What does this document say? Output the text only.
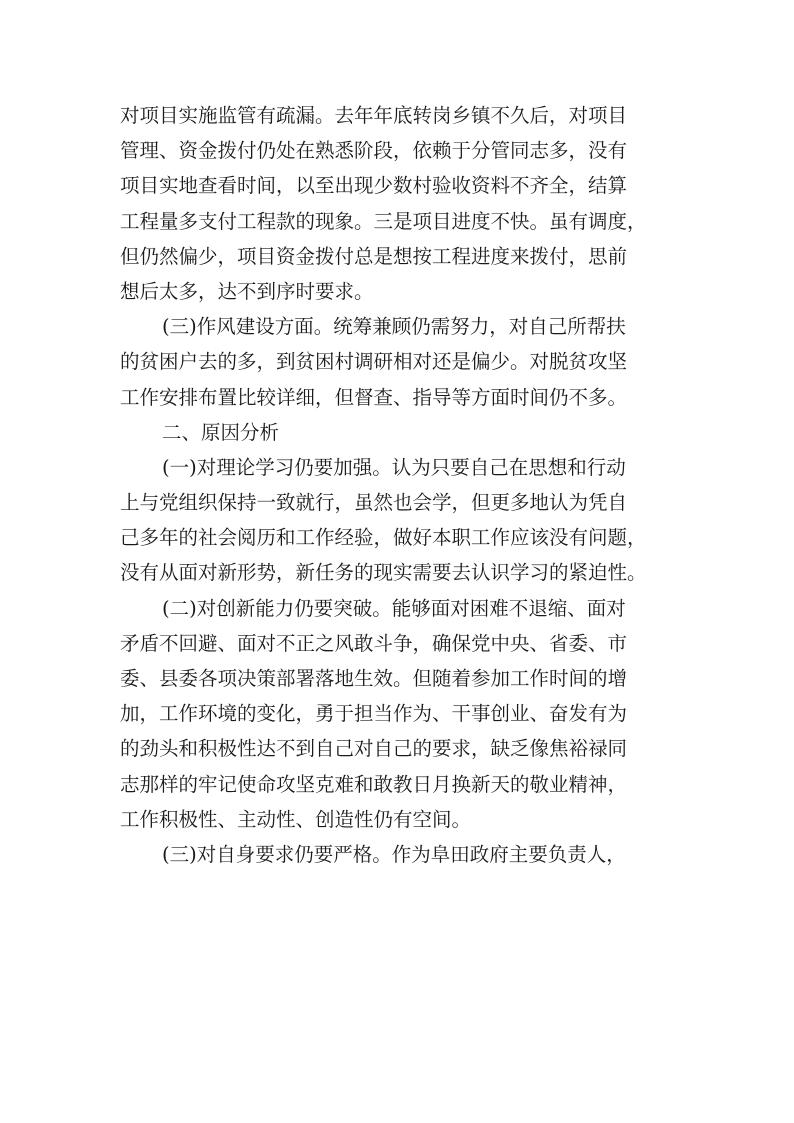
对项目实施监管有疏漏。去年年底转岗乡镇不久后，对项目
管理、资金拨付仍处在熟悉阶段，依赖于分管同志多，没有
项目实地查看时间，以至出现少数村验收资料不齐全，结算
工程量多支付工程款的现象。三是项目进度不快。虽有调度，
但仍然偏少，项目资金拨付总是想按工程进度来拨付，思前
想后太多，达不到序时要求。
(三)作风建设方面。统筹兼顾仍需努力，对自己所帮扶
的贫困户去的多，到贫困村调研相对还是偏少。对脱贫攻坚
工作安排布置比较详细，但督查、指导等方面时间仍不多。
二、原因分析
(一)对理论学习仍要加强。认为只要自己在思想和行动
上与党组织保持一致就行，虽然也会学，但更多地认为凭自
己多年的社会阅历和工作经验，做好本职工作应该没有问题，
没有从面对新形势，新任务的现实需要去认识学习的紧迫性。
(二)对创新能力仍要突破。能够面对困难不退缩、面对
矛盾不回避、面对不正之风敢斗争，确保党中央、省委、市
委、县委各项决策部署落地生效。但随着参加工作时间的增
加，工作环境的变化，勇于担当作为、干事创业、奋发有为
的劲头和积极性达不到自己对自己的要求，缺乏像焦裕禄同
志那样的牢记使命攻坚克难和敢教日月换新天的敬业精神，
工作积极性、主动性、创造性仍有空间。
(三)对自身要求仍要严格。作为阜田政府主要负责人，
